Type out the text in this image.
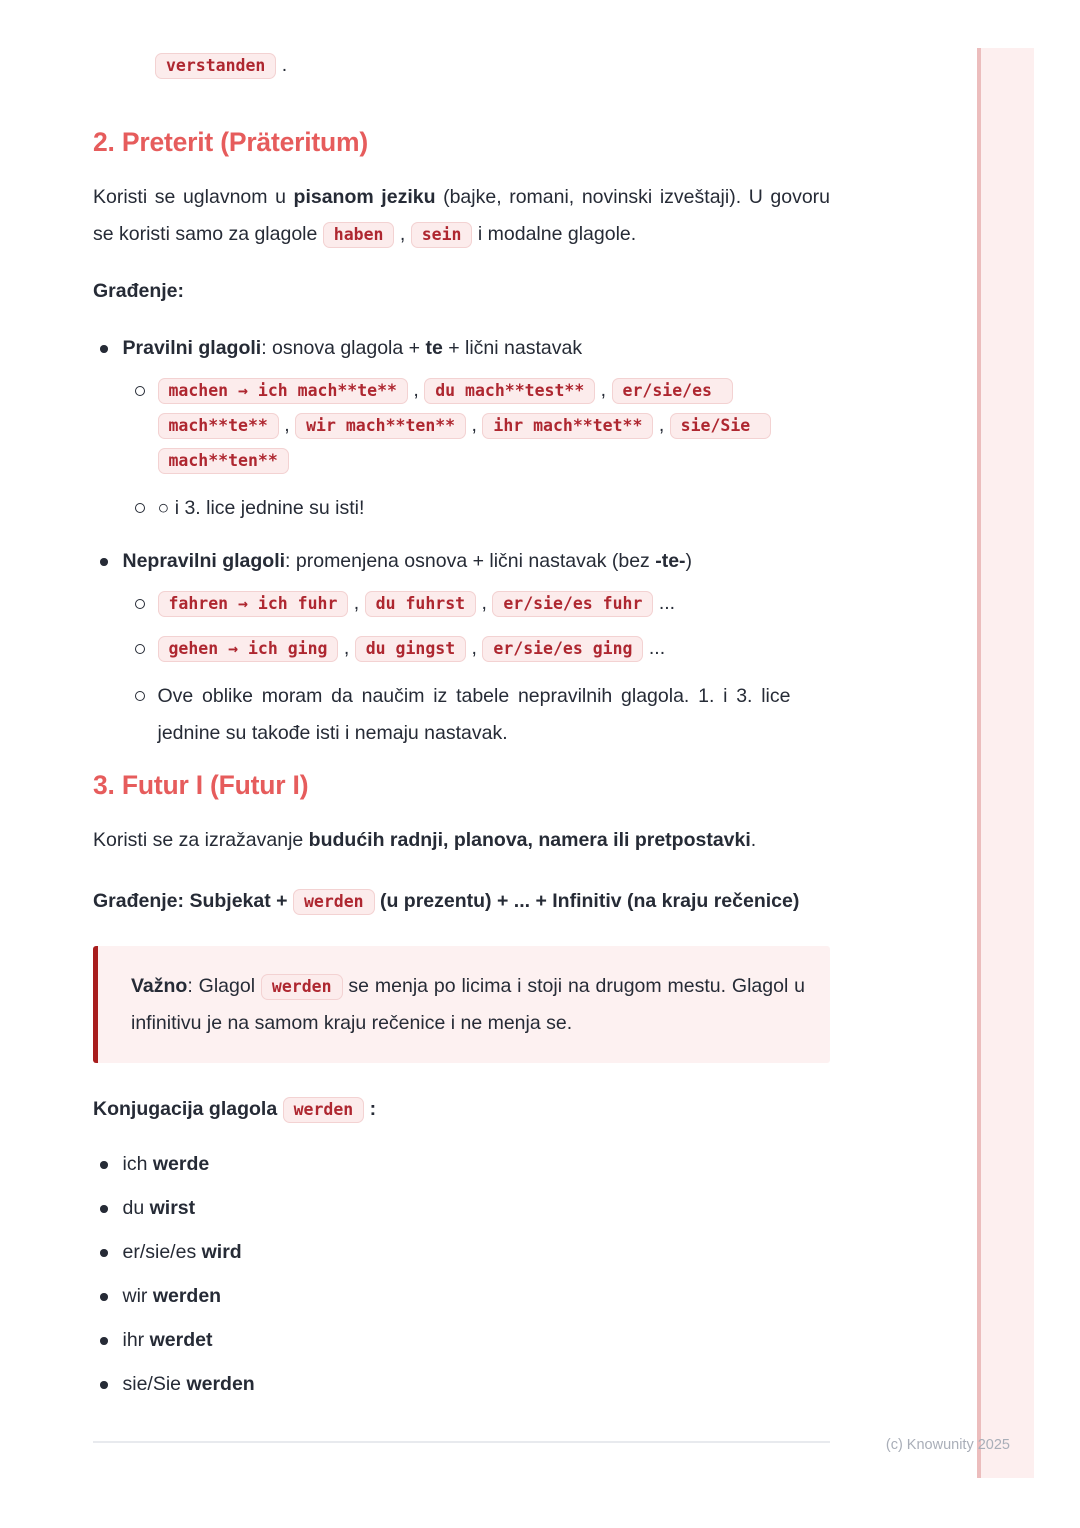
verstanden .

2. Preterit (Präteritum)

Koristi se uglavnom u pisanom jeziku (bajke, romani, novinski izveštaji). U govoru se koristi samo za glagole haben , sein i modalne glagole.

Građenje:

Pravilni glagoli: osnova glagola + te + lični nastavak

machen → ich mach**te** , du mach**test** , er/sie/es mach**te** , wir mach**ten** , ihr mach**tet** , sie/Sie mach**ten**

○ i 3. lice jednine su isti!

Nepravilni glagoli: promenjena osnova + lični nastavak (bez -te-)

fahren → ich fuhr , du fuhrst , er/sie/es fuhr ...

gehen → ich ging , du gingst , er/sie/es ging ...

Ove oblike moram da naučim iz tabele nepravilnih glagola. 1. i 3. lice jednine su takođe isti i nemaju nastavak.

3. Futur I (Futur I)

Koristi se za izražavanje budućih radnji, planova, namera ili pretpostavki.

Građenje: Subjekat + werden (u prezentu) + ... + Infinitiv (na kraju rečenice)

Važno: Glagol werden se menja po licima i stoji na drugom mestu. Glagol u infinitivu je na samom kraju rečenice i ne menja se.

Konjugacija glagola werden :

ich werde

du wirst

er/sie/es wird

wir werden

ihr werdet

sie/Sie werden

(c) Knowunity 2025
